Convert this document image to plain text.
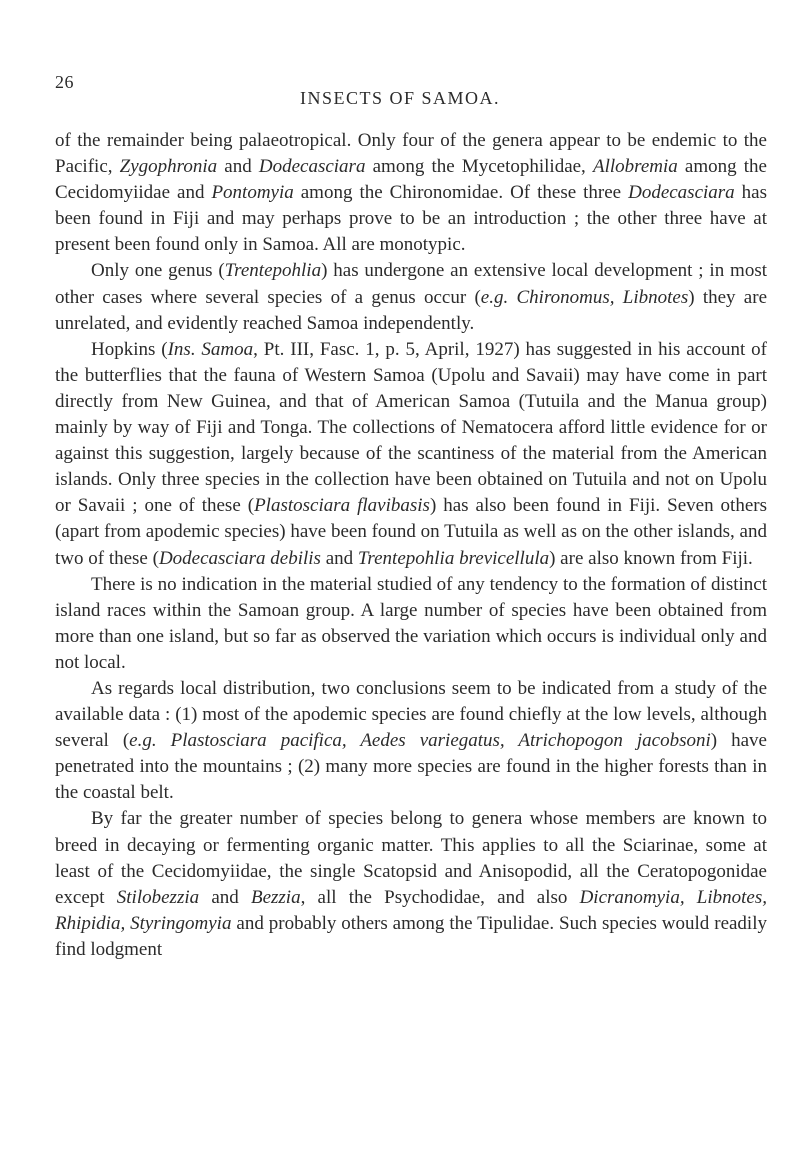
26
INSECTS OF SAMOA.

of the remainder being palaeotropical. Only four of the genera appear to be endemic to the Pacific, Zygophronia and Dodecasciara among the Mycetophilidae, Allobremia among the Cecidomyiidae and Pontomyia among the Chironomidae. Of these three Dodecasciara has been found in Fiji and may perhaps prove to be an introduction ; the other three have at present been found only in Samoa. All are monotypic.

Only one genus (Trentepohlia) has undergone an extensive local development ; in most other cases where several species of a genus occur (e.g. Chironomus, Libnotes) they are unrelated, and evidently reached Samoa independently.

Hopkins (Ins. Samoa, Pt. III, Fasc. 1, p. 5, April, 1927) has suggested in his account of the butterflies that the fauna of Western Samoa (Upolu and Savaii) may have come in part directly from New Guinea, and that of American Samoa (Tutuila and the Manua group) mainly by way of Fiji and Tonga. The collections of Nematocera afford little evidence for or against this suggestion, largely because of the scantiness of the material from the American islands. Only three species in the collection have been obtained on Tutuila and not on Upolu or Savaii ; one of these (Plastosciara flavibasis) has also been found in Fiji. Seven others (apart from apodemic species) have been found on Tutuila as well as on the other islands, and two of these (Dodecasciara debilis and Trentepohlia brevicellula) are also known from Fiji.

There is no indication in the material studied of any tendency to the formation of distinct island races within the Samoan group. A large number of species have been obtained from more than one island, but so far as observed the variation which occurs is individual only and not local.

As regards local distribution, two conclusions seem to be indicated from a study of the available data : (1) most of the apodemic species are found chiefly at the low levels, although several (e.g. Plastosciara pacifica, Aedes variegatus, Atrichopogon jacobsoni) have penetrated into the mountains ; (2) many more species are found in the higher forests than in the coastal belt.

By far the greater number of species belong to genera whose members are known to breed in decaying or fermenting organic matter. This applies to all the Sciarinae, some at least of the Cecidomyiidae, the single Scatopsid and Anisopodid, all the Ceratopogonidae except Stilobezzia and Bezzia, all the Psychodidae, and also Dicranomyia, Libnotes, Rhipidia, Styringomyia and probably others among the Tipulidae. Such species would readily find lodgment
